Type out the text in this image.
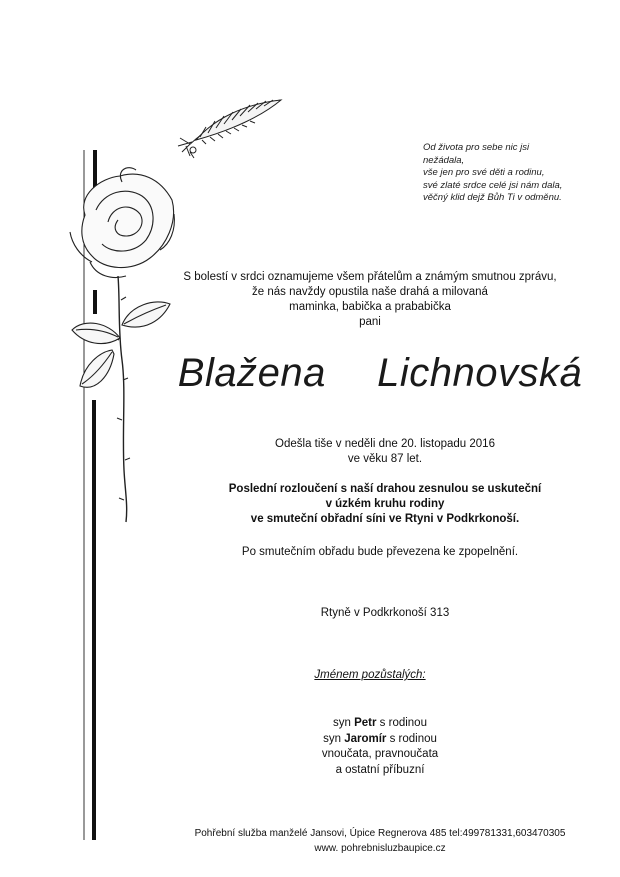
Od života pro sebe nic jsi
nežádala,
vše jen pro své děti a rodinu,
své zlaté srdce celé jsi nám dala,
věčný klid dejž Bůh Ti v odměnu.
S bolestí v srdci oznamujeme všem přátelům a známým smutnou zprávu,
že nás navždy opustila naše drahá a milovaná
maminka, babička a prababička
pani
Blažena  Lichnovská
Odešla tiše v neděli dne 20. listopadu 2016
ve věku 87 let.
Poslední rozloučení s naší drahou zesnulou se uskuteční
v úzkém kruhu rodiny
ve smuteční obřadní síni ve Rtyni v Podkrkonoší.
Po smutečním obřadu bude převezena ke zpopelnění.
Rtyně v Podkrkonoší 313
Jménem pozůstalých:
syn Petr s rodinou
syn Jaromír s rodinou
vnoučata, pravnoučata
a ostatní příbuzní
Pohřební služba manželé Jansovi, Úpice Regnerova 485 tel:499781331,603470305
www. pohrebnisluzbaupice.cz
